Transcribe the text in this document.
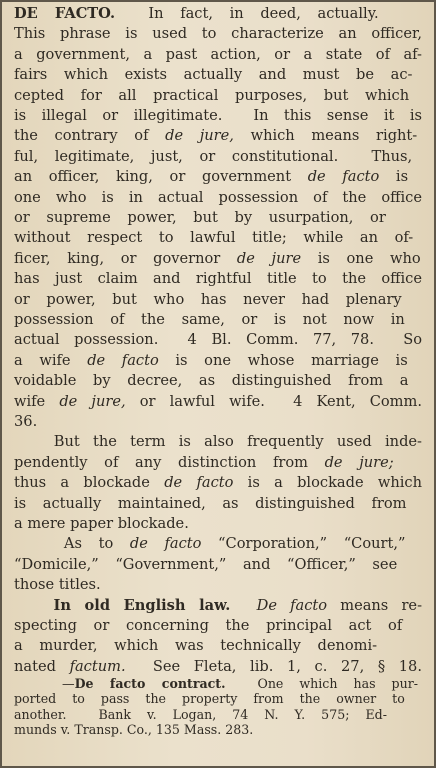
DE FACTO.  In fact, in deed, actually.
This phrase is used to characterize an officer,
a government, a past action, or a state of af-
fairs which exists actually and must be ac-
cepted for all practical purposes, but which
is illegal or illegitimate.  In this sense it is
the contrary of de jure, which means right-
ful, legitimate, just, or constitutional.  Thus,
an officer, king, or government de facto is
one who is in actual possession of the office
or supreme power, but by usurpation, or
without respect to lawful title; while an of-
ficer, king, or governor de jure is one who
has just claim and rightful title to the office
or power, but who has never had plenary
possession of the same, or is not now in
actual possession.  4 Bl. Comm. 77, 78.  So
a wife de facto is one whose marriage is
voidable by decree, as distinguished from a
wife de jure, or lawful wife.  4 Kent, Comm.
36.
But the term is also frequently used inde-
pendently of any distinction from de jure;
thus a blockade de facto is a blockade which
is actually maintained, as distinguished from
a mere paper blockade.
As to de facto “Corporation,” “Court,”
“Domicile,” “Government,” and “Officer,” see
those titles.
In old English law. De facto means re-
specting or concerning the principal act of
a murder, which was technically denomi-
nated factum.  See Fleta, lib. 1, c. 27, § 18.
—De facto contract.  One which has pur-
ported to pass the property from the owner to
another.  Bank v. Logan, 74 N. Y. 575; Ed-
munds v. Transp. Co., 135 Mass. 283.
